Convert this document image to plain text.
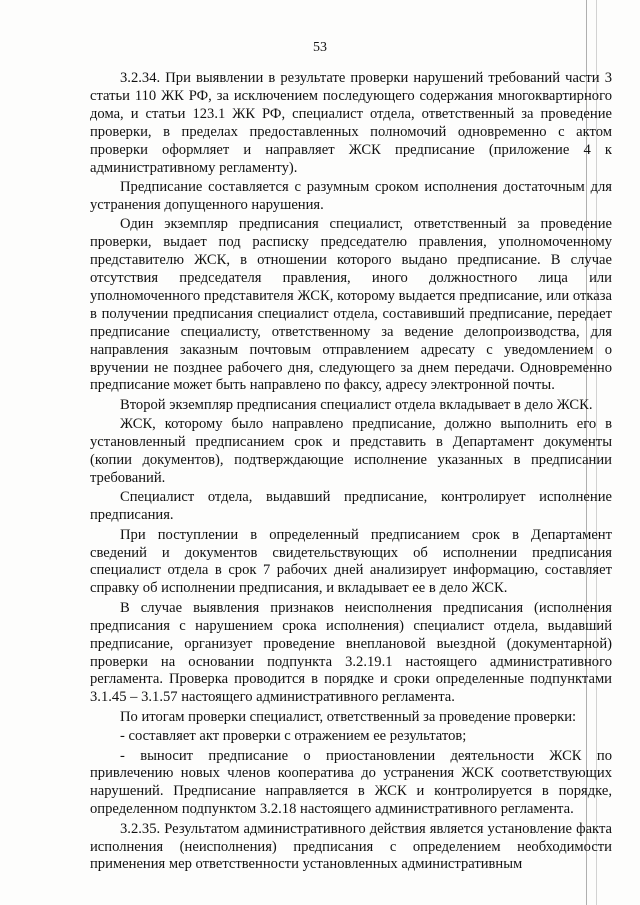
53

3.2.34. При выявлении в результате проверки нарушений требований части 3 статьи 110 ЖК РФ, за исключением последующего содержания многоквартирного дома, и статьи 123.1 ЖК РФ, специалист отдела, ответственный за проведение проверки, в пределах предоставленных полномочий одновременно с актом проверки оформляет и направляет ЖСК предписание (приложение 4 к административному регламенту).

Предписание составляется с разумным сроком исполнения достаточным для устранения допущенного нарушения.

Один экземпляр предписания специалист, ответственный за проведение проверки, выдает под расписку председателю правления, уполномоченному представителю ЖСК, в отношении которого выдано предписание. В случае отсутствия председателя правления, иного должностного лица или уполномоченного представителя ЖСК, которому выдается предписание, или отказа в получении предписания специалист отдела, составивший предписание, передает предписание специалисту, ответственному за ведение делопроизводства, для направления заказным почтовым отправлением адресату с уведомлением о вручении не позднее рабочего дня, следующего за днем передачи. Одновременно предписание может быть направлено по факсу, адресу электронной почты.

Второй экземпляр предписания специалист отдела вкладывает в дело ЖСК.

ЖСК, которому было направлено предписание, должно выполнить его в установленный предписанием срок и представить в Департамент документы (копии документов), подтверждающие исполнение указанных в предписании требований.

Специалист отдела, выдавший предписание, контролирует исполнение предписания.

При поступлении в определенный предписанием срок в Департамент сведений и документов свидетельствующих об исполнении предписания специалист отдела в срок 7 рабочих дней анализирует информацию, составляет справку об исполнении предписания, и вкладывает ее в дело ЖСК.

В случае выявления признаков неисполнения предписания (исполнения предписания с нарушением срока исполнения) специалист отдела, выдавший предписание, организует проведение внеплановой выездной (документарной) проверки на основании подпункта 3.2.19.1 настоящего административного регламента. Проверка проводится в порядке и сроки определенные подпунктами 3.1.45 – 3.1.57 настоящего административного регламента.

По итогам проверки специалист, ответственный за проведение проверки:

- составляет акт проверки с отражением ее результатов;

- выносит предписание о приостановлении деятельности ЖСК по привлечению новых членов кооператива до устранения ЖСК соответствующих нарушений. Предписание направляется в ЖСК и контролируется в порядке, определенном подпунктом 3.2.18 настоящего административного регламента.

3.2.35. Результатом административного действия является установление факта исполнения (неисполнения) предписания с определением необходимости применения мер ответственности установленных административным
